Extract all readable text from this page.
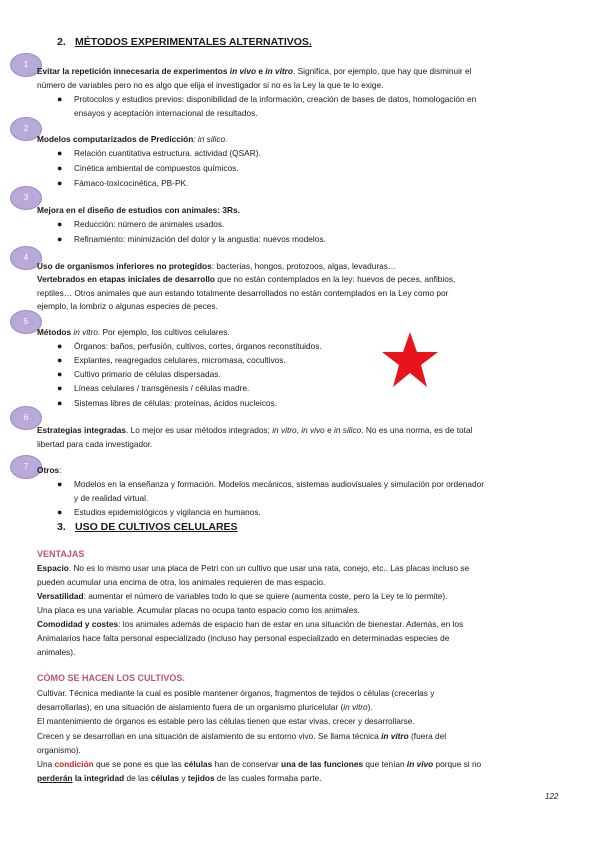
2. MÉTODOS EXPERIMENTALES ALTERNATIVOS.
1
2
3
4
5
6
7
Evitar la repetición innecesaria de experimentos in vivo e in vitro. Significa, por ejemplo, que hay que disminuir el
número de variables pero no es algo que elija el investigador si no es la Ley la que te lo exige.
● Protocolos y estudios previos: disponibilidad de la información, creación de bases de datos, homologación en
ensayos y aceptación internacional de resultados.
Modelos computarizados de Predicción: in silico.
● Relación cuantitativa estructura. actividad (QSAR).
● Cinética ambiental de compuestos químicos.
● Fámaco-toxicocinética, PB-PK.
Mejora en el diseño de estudios con animales: 3Rs.
● Reducción: número de animales usados.
● Refinamiento: minimización del dolor y la angustia: nuevos modelos.
Uso de organismos inferiores no protegidos: bacterias, hongos, protozoos, algas, levaduras…
Vertebrados en etapas iniciales de desarrollo que no están contemplados en la ley: huevos de peces, anfibios,
reptiles… Otros animales que aun estando totalmente desarrollados no están contemplados en la Ley como por
ejemplo, la lombriz o algunas especies de peces.
Métodos in vitro. Por ejemplo, los cultivos celulares.
● Órganos: baños, perfusión, cultivos, cortes, órganos reconstituidos.
● Explantes, reagregados celulares, micromasa, cocultivos.
● Cultivo primario de células dispersadas.
● Líneas celulares / transgénesis / células madre.
● Sistemas libres de células: proteínas, ácidos nucleicos.
Estrategias integradas. Lo mejor es usar métodos integrados; in vitro, in vivo e in silico. No es una norma, es de total
libertad para cada investigador.
Otros:
● Modelos en la enseñanza y formación. Modelos mecánicos, sistemas audiovisuales y simulación por ordenador
y de realidad virtual.
● Estudios epidemiológicos y vigilancia en humanos.
3. USO DE CULTIVOS CELULARES
VENTAJAS
Espacio. No es lo mismo usar una placa de Petri con un cultivo que usar una rata, conejo, etc.. Las placas incluso se
pueden acumular una encima de otra, los animales requieren de mas espacio.
Versatilidad: aumentar el número de variables todo lo que se quiere (aumenta coste, pero la Ley te lo permite).
Una placa es una variable. Acumular placas no ocupa tanto espacio como los animales.
Comodidad y costes: los animales además de espacio han de estar en una situación de bienestar. Además, en los
Animalarios hace falta personal especializado (incluso hay personal especializado en determinadas especies de
animales).
CÓMO SE HACEN LOS CULTIVOS.
Cultivar. Técnica mediante la cual es posible mantener órganos, fragmentos de tejidos o células (crecerlas y
desarrollarlas), en una situación de aislamiento fuera de un organismo pluricelular (in vitro).
El mantenimiento de órganos es estable pero las células tienen que estar vivas, crecer y desarrollarse.
Crecen y se desarrollan en una situación de aislamiento de su entorno vivo. Se llama técnica in vitro (fuera del
organismo).
Una condición que se pone es que las células han de conservar una de las funciones que tenían in vivo porque si no
perderán la integridad de las células y tejidos de las cuales formaba parte.
122
